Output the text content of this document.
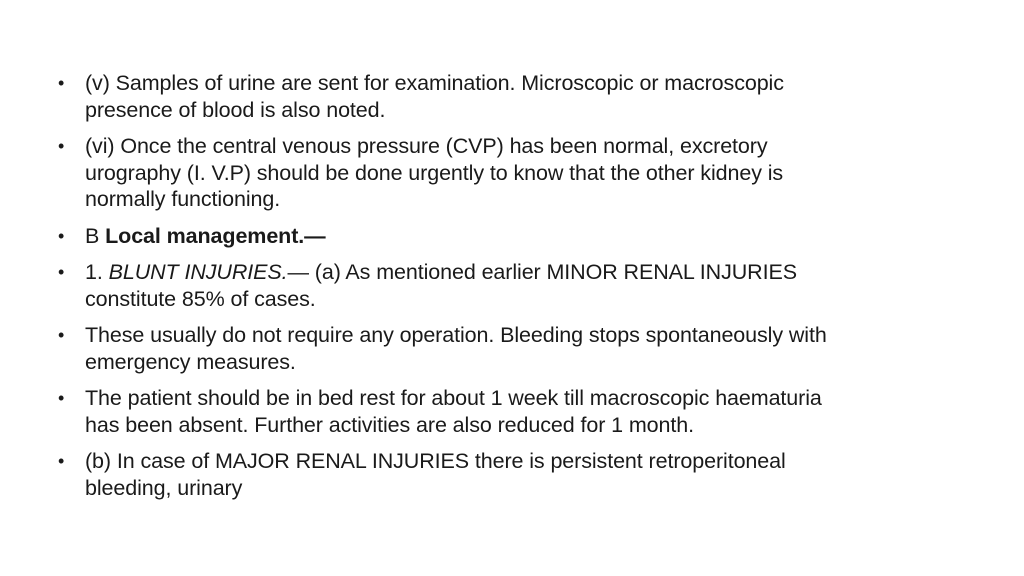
• (v) Samples of urine are sent for examination. Microscopic or macroscopic presence of blood is also noted.
• (vi) Once the central venous pressure (CVP) has been normal, excretory urography (I. V.P) should be done urgently to know that the other kidney is normally functioning.
• B Local management.—
• 1. BLUNT INJURIES.— (a) As mentioned earlier MINOR RENAL INJURIES constitute 85% of cases.
• These usually do not require any operation. Bleeding stops spontaneously with emergency measures.
• The patient should be in bed rest for about 1 week till macroscopic haematuria has been absent. Further activities are also reduced for 1 month.
• (b) In case of MAJOR RENAL INJURIES there is persistent retroperitoneal bleeding, urinary
